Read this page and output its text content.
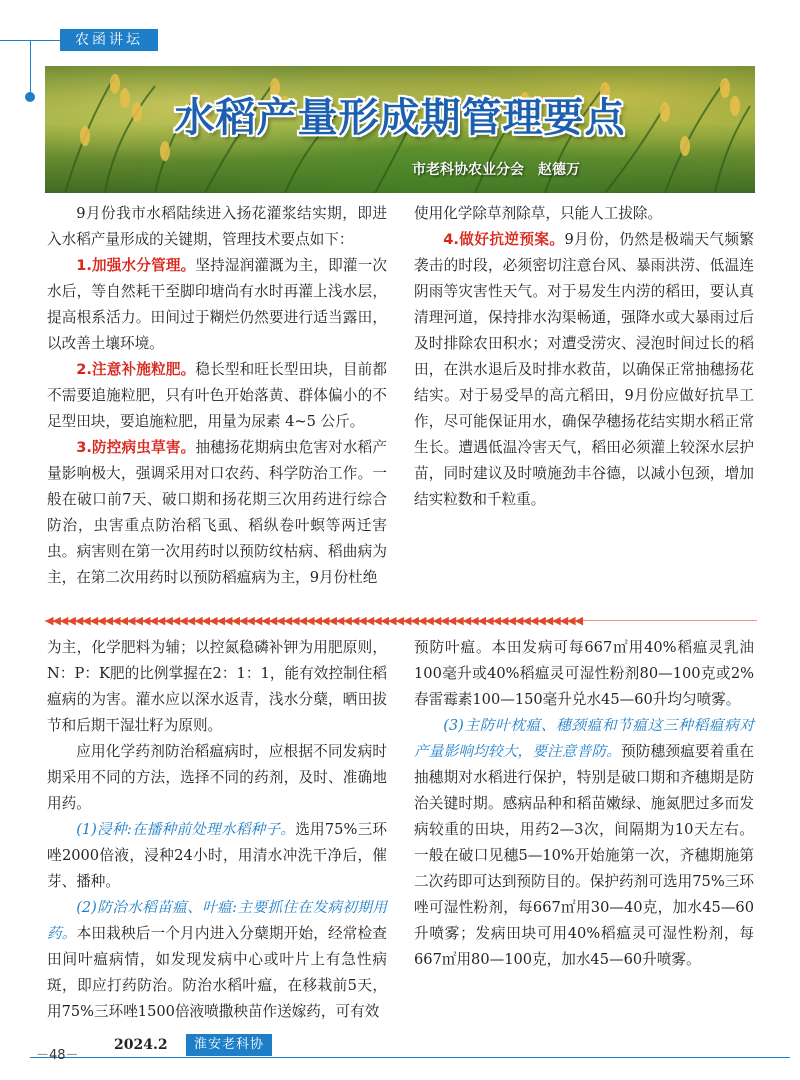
农函讲坛
水稻产量形成期管理要点
市老科协农业分会 赵德万

9月份我市水稻陆续进入扬花灌浆结实期，即进入水稻产量形成的关键期，管理技术要点如下：

1.加强水分管理。坚持湿润灌溉为主，即灌一次水后，等自然耗干至脚印塘尚有水时再灌上浅水层，提高根系活力。田间过于糊烂仍然要进行适当露田，以改善土壤环境。

2.注意补施粒肥。稳长型和旺长型田块，目前都不需要追施粒肥，只有叶色开始落黄、群体偏小的不足型田块，要追施粒肥，用量为尿素 4~5 公斤。

3.防控病虫草害。抽穗扬花期病虫危害对水稻产量影响极大，强调采用对口农药、科学防治工作。一般在破口前7天、破口期和扬花期三次用药进行综合防治，虫害重点防治稻飞虱、稻纵卷叶螟等两迁害虫。病害则在第一次用药时以预防纹枯病、稻曲病为主，在第二次用药时以预防稻瘟病为主，9月份杜绝

使用化学除草剂除草，只能人工拔除。

4.做好抗逆预案。9月份，仍然是极端天气频繁袭击的时段，必须密切注意台风、暴雨洪涝、低温连阴雨等灾害性天气。对于易发生内涝的稻田，要认真清理河道，保持排水沟渠畅通，强降水或大暴雨过后及时排除农田积水；对遭受涝灾、浸泡时间过长的稻田，在洪水退后及时排水救苗，以确保正常抽穗扬花结实。对于易受旱的高亢稻田，9月份应做好抗旱工作，尽可能保证用水，确保孕穗扬花结实期水稻正常生长。遭遇低温冷害天气，稻田必须灌上较深水层护苗，同时建议及时喷施劲丰谷德，以减小包颈，增加结实粒数和千粒重。

◀◀◀◀◀◀◀◀◀◀◀◀◀◀◀◀◀◀◀◀◀◀◀◀◀◀◀◀◀◀◀◀◀◀◀◀◀◀◀◀◀◀◀◀◀◀◀◀◀◀◀◀◀◀◀◀◀◀◀◀◀◀◀◀◀◀◀◀◀◀◀◀

为主，化学肥料为辅；以控氮稳磷补钾为用肥原则，N：P：K肥的比例掌握在2：1：1，能有效控制住稻瘟病的为害。灌水应以深水返青，浅水分蘖，晒田拔节和后期干湿壮籽为原则。

应用化学药剂防治稻瘟病时，应根据不同发病时期采用不同的方法，选择不同的药剂，及时、准确地用药。

(1)浸种:在播种前处理水稻种子。选用75%三环唑2000倍液，浸种24小时，用清水冲洗干净后，催芽、播种。

(2)防治水稻苗瘟、叶瘟:主要抓住在发病初期用药。本田栽秧后一个月内进入分蘖期开始，经常检查田间叶瘟病情，如发现发病中心或叶片上有急性病斑，即应打药防治。防治水稻叶瘟，在移栽前5天，用75%三环唑1500倍液喷撒秧苗作送嫁药，可有效

预防叶瘟。本田发病可每667㎡用40%稻瘟灵乳油100毫升或40%稻瘟灵可湿性粉剂80—100克或2%春雷霉素100—150毫升兑水45—60升均匀喷雾。

(3)主防叶枕瘟、穗颈瘟和节瘟这三种稻瘟病对产量影响均较大，要注意普防。预防穗颈瘟要着重在抽穗期对水稻进行保护，特别是破口期和齐穗期是防治关键时期。感病品种和稻苗嫩绿、施氮肥过多而发病较重的田块，用药2—3次，间隔期为10天左右。一般在破口见穗5—10%开始施第一次，齐穗期施第二次药即可达到预防目的。保护药剂可选用75%三环唑可湿性粉剂，每667㎡用30—40克，加水45—60升喷雾；发病田块可用40%稻瘟灵可湿性粉剂，每667㎡用80—100克，加水45—60升喷雾。

－48－
2024.2	淮安老科协
